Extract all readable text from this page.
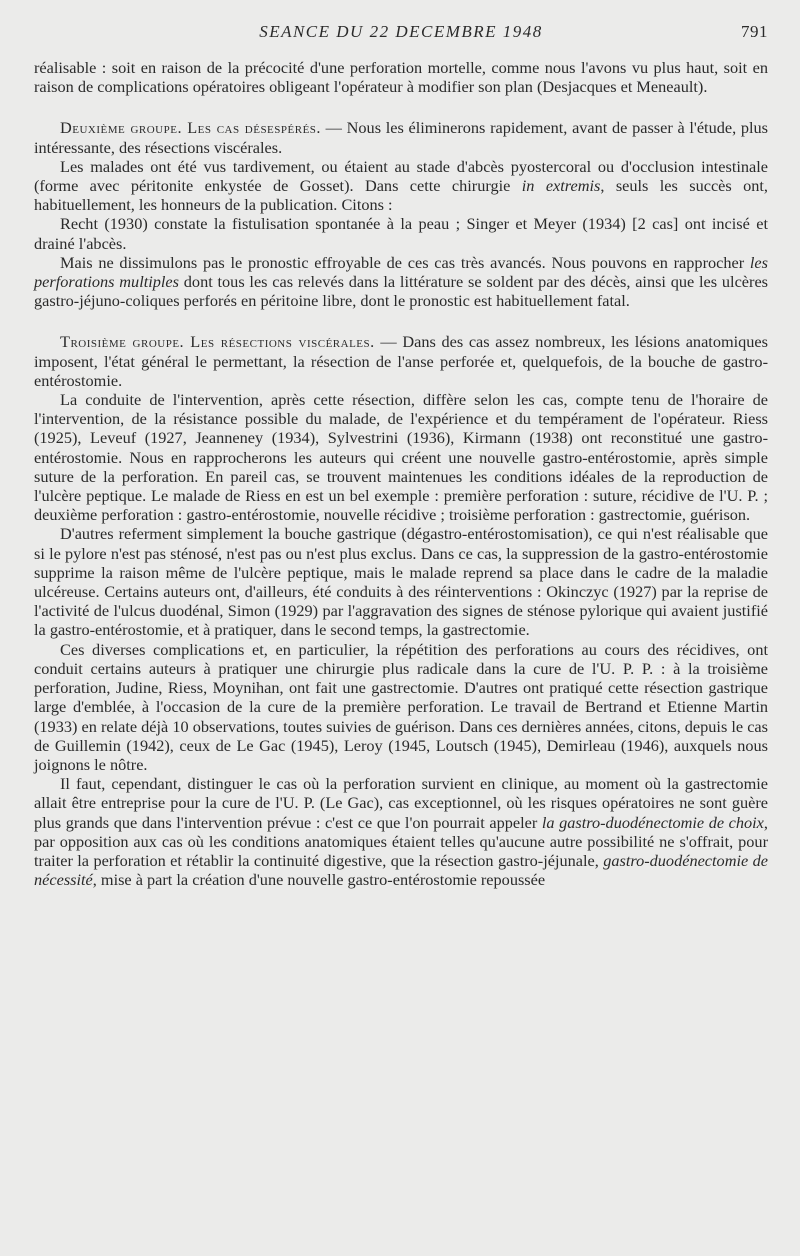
SEANCE DU 22 DECEMBRE 1948	791

réalisable : soit en raison de la précocité d'une perforation mortelle, comme nous l'avons vu plus haut, soit en raison de complications opératoires obligeant l'opérateur à modifier son plan (Desjacques et Meneault).

Deuxième groupe. Les cas désespérés. — Nous les éliminerons rapidement, avant de passer à l'étude, plus intéressante, des résections viscérales.

Les malades ont été vus tardivement, ou étaient au stade d'abcès pyostercoral ou d'occlusion intestinale (forme avec péritonite enkystée de Gosset). Dans cette chirurgie in extremis, seuls les succès ont, habituellement, les honneurs de la publication. Citons :

Recht (1930) constate la fistulisation spontanée à la peau ; Singer et Meyer (1934) [2 cas] ont incisé et drainé l'abcès.

Mais ne dissimulons pas le pronostic effroyable de ces cas très avancés. Nous pouvons en rapprocher les perforations multiples dont tous les cas relevés dans la littérature se soldent par des décès, ainsi que les ulcères gastro-jéjuno-coliques perforés en péritoine libre, dont le pronostic est habituellement fatal.

Troisième groupe. Les résections viscérales. — Dans des cas assez nombreux, les lésions anatomiques imposent, l'état général le permettant, la résection de l'anse perforée et, quelquefois, de la bouche de gastro-entérostomie.

La conduite de l'intervention, après cette résection, diffère selon les cas, compte tenu de l'horaire de l'intervention, de la résistance possible du malade, de l'expérience et du tempérament de l'opérateur. Riess (1925), Leveuf (1927, Jeanneney (1934), Sylvestrini (1936), Kirmann (1938) ont reconstitué une gastro-entérostomie. Nous en rapprocherons les auteurs qui créent une nouvelle gastro-entérostomie, après simple suture de la perforation. En pareil cas, se trouvent maintenues les conditions idéales de la reproduction de l'ulcère peptique. Le malade de Riess en est un bel exemple : première perforation : suture, récidive de l'U. P. ; deuxième perforation : gastro-entérostomie, nouvelle récidive ; troisième perforation : gastrectomie, guérison.

D'autres referment simplement la bouche gastrique (dégastro-entérostomisation), ce qui n'est réalisable que si le pylore n'est pas sténosé, n'est pas ou n'est plus exclus. Dans ce cas, la suppression de la gastro-entérostomie supprime la raison même de l'ulcère peptique, mais le malade reprend sa place dans le cadre de la maladie ulcéreuse. Certains auteurs ont, d'ailleurs, été conduits à des réinterventions : Okinczyc (1927) par la reprise de l'activité de l'ulcus duodénal, Simon (1929) par l'aggravation des signes de sténose pylorique qui avaient justifié la gastro-entérostomie, et à pratiquer, dans le second temps, la gastrectomie.

Ces diverses complications et, en particulier, la répétition des perforations au cours des récidives, ont conduit certains auteurs à pratiquer une chirurgie plus radicale dans la cure de l'U. P. P. : à la troisième perforation, Judine, Riess, Moynihan, ont fait une gastrectomie. D'autres ont pratiqué cette résection gastrique large d'emblée, à l'occasion de la cure de la première perforation. Le travail de Bertrand et Etienne Martin (1933) en relate déjà 10 observations, toutes suivies de guérison. Dans ces dernières années, citons, depuis le cas de Guillemin (1942), ceux de Le Gac (1945), Leroy (1945, Loutsch (1945), Demirleau (1946), auxquels nous joignons le nôtre.

Il faut, cependant, distinguer le cas où la perforation survient en clinique, au moment où la gastrectomie allait être entreprise pour la cure de l'U. P. (Le Gac), cas exceptionnel, où les risques opératoires ne sont guère plus grands que dans l'intervention prévue : c'est ce que l'on pourrait appeler la gastro-duodénectomie de choix, par opposition aux cas où les conditions anatomiques étaient telles qu'aucune autre possibilité ne s'offrait, pour traiter la perforation et rétablir la continuité digestive, que la résection gastro-jéjunale, gastro-duodénectomie de nécessité, mise à part la création d'une nouvelle gastro-entérostomie repoussée
